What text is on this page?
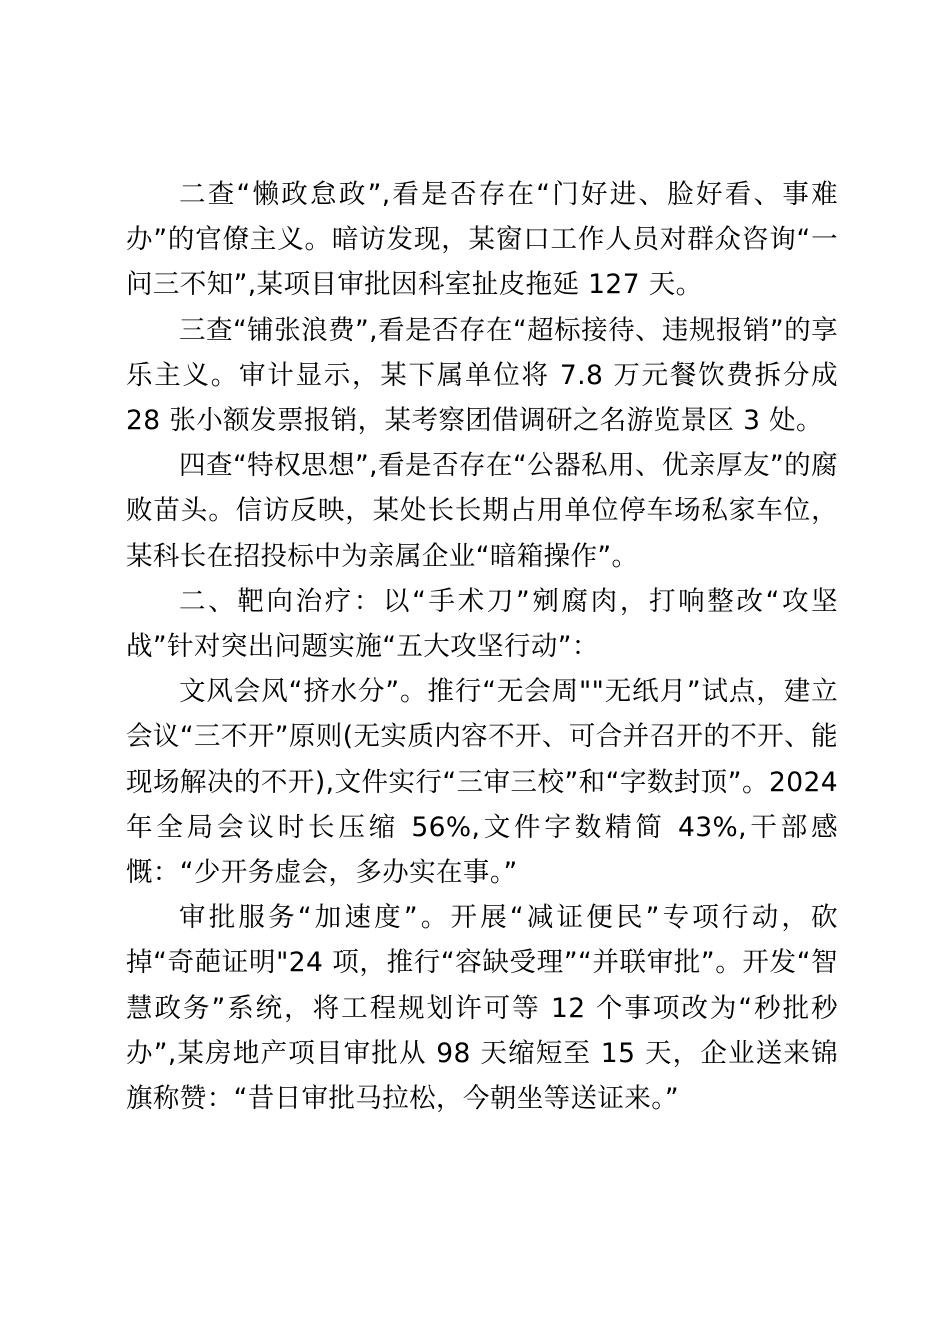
二查“懒政怠政”,看是否存在“门好进、脸好看、事难办”的官僚主义。暗访发现，某窗口工作人员对群众咨询“一问三不知”,某项目审批因科室扯皮拖延 127 天。

三查“铺张浪费”,看是否存在“超标接待、违规报销”的享乐主义。审计显示，某下属单位将 7.8 万元餐饮费拆分成 28 张小额发票报销，某考察团借调研之名游览景区 3 处。

四查“特权思想”,看是否存在“公器私用、优亲厚友”的腐败苗头。信访反映，某处长长期占用单位停车场私家车位，某科长在招投标中为亲属企业“暗箱操作”。

二、靶向治疗：以“手术刀”剜腐肉，打响整改“攻坚战”针对突出问题实施“五大攻坚行动”：

文风会风“挤水分”。推行“无会周""无纸月”试点，建立会议“三不开”原则(无实质内容不开、可合并召开的不开、能现场解决的不开),文件实行“三审三校”和“字数封顶”。2024 年全局会议时长压缩 56%,文件字数精简 43%,干部感慨：“少开务虚会，多办实在事。”

审批服务“加速度”。开展“减证便民”专项行动，砍掉“奇葩证明"24 项，推行“容缺受理”“并联审批”。开发“智慧政务”系统，将工程规划许可等 12 个事项改为“秒批秒办”,某房地产项目审批从 98 天缩短至 15 天，企业送来锦旗称赞：“昔日审批马拉松，今朝坐等送证来。”
